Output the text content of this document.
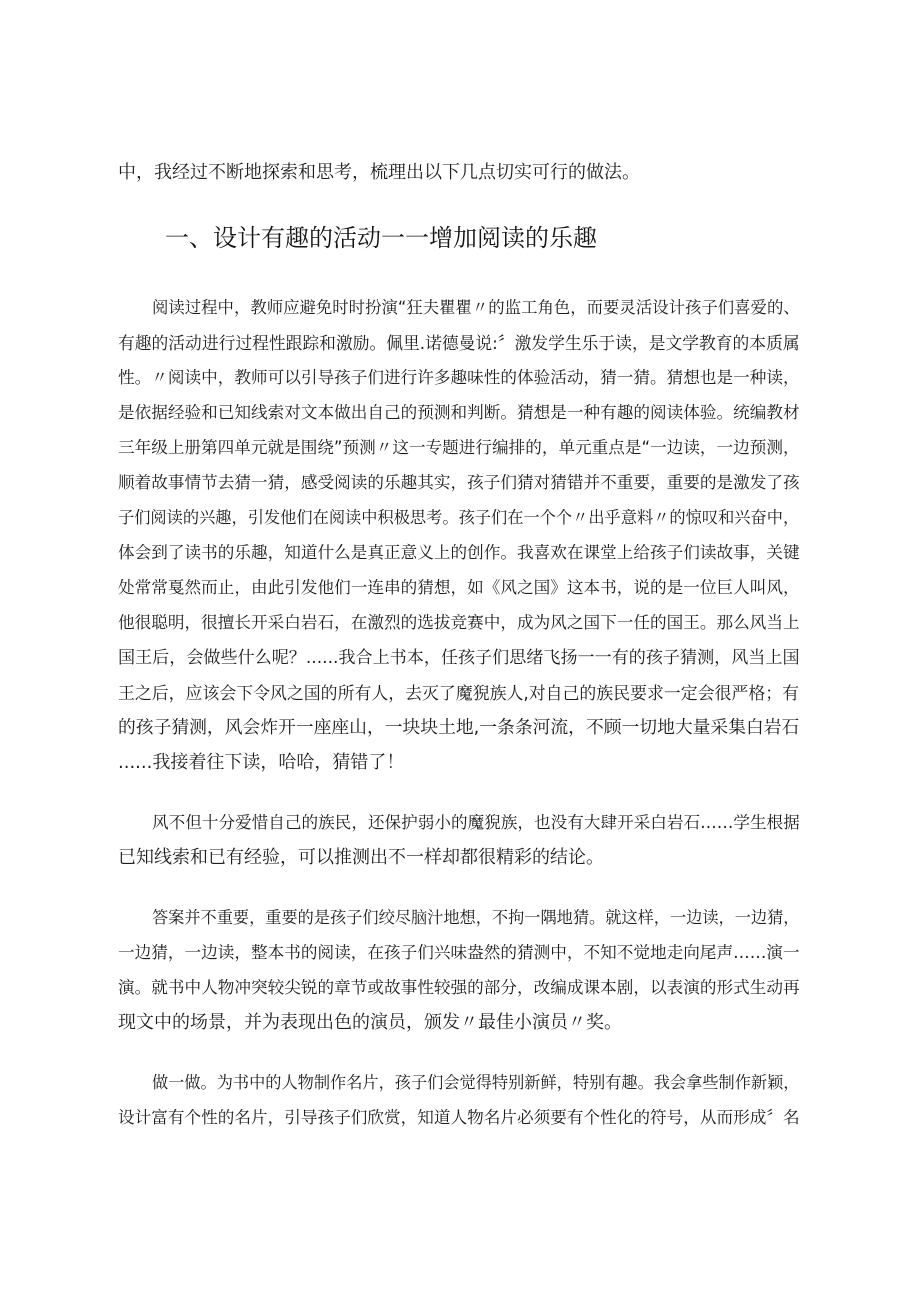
中，我经过不断地探索和思考，梳理出以下几点切实可行的做法。
一、设计有趣的活动一一增加阅读的乐趣
阅读过程中，教师应避免时时扮演“狂夫瞿瞿〃的监工角色，而要灵活设计孩子们喜爱的、
有趣的活动进行过程性跟踪和激励。佩里.诺德曼说:〞激发学生乐于读，是文学教育的本质属
性。〃阅读中，教师可以引导孩子们进行许多趣味性的体验活动，猜一猜。猜想也是一种读，
是依据经验和已知线索对文本做出自己的预测和判断。猜想是一种有趣的阅读体验。统编教材
三年级上册第四单元就是围绕”预测〃这一专题进行编排的，单元重点是“一边读，一边预测，
顺着故事情节去猜一猜，感受阅读的乐趣其实，孩子们猜对猜错并不重要，重要的是激发了孩
子们阅读的兴趣，引发他们在阅读中积极思考。孩子们在一个个〃出乎意料〃的惊叹和兴奋中，
体会到了读书的乐趣，知道什么是真正意义上的创作。我喜欢在课堂上给孩子们读故事，关键
处常常戛然而止，由此引发他们一连串的猜想，如《风之国》这本书，说的是一位巨人叫风，
他很聪明，很擅长开采白岩石，在激烈的选拔竞赛中，成为风之国下一任的国王。那么风当上
国王后，会做些什么呢？......我合上书本，任孩子们思绪飞扬一一有的孩子猜测，风当上国
王之后，应该会下令风之国的所有人，去灭了魔猊族人,对自己的族民要求一定会很严格；有
的孩子猜测，风会炸开一座座山，一块块土地,一条条河流，不顾一切地大量采集白岩石
......我接着往下读，哈哈，猜错了！
风不但十分爱惜自己的族民，还保护弱小的魔猊族，也没有大肆开采白岩石……学生根据
已知线索和已有经验，可以推测出不一样却都很精彩的结论。
答案并不重要，重要的是孩子们绞尽脑汁地想，不拘一隅地猜。就这样，一边读，一边猜，
一边猜，一边读，整本书的阅读，在孩子们兴味盎然的猜测中，不知不觉地走向尾声……演一
演。就书中人物冲突较尖锐的章节或故事性较强的部分，改编成课本剧，以表演的形式生动再
现文中的场景，并为表现出色的演员，颁发〃最佳小演员〃奖。
做一做。为书中的人物制作名片，孩子们会觉得特别新鲜，特别有趣。我会拿些制作新颖，
设计富有个性的名片，引导孩子们欣赏，知道人物名片必须要有个性化的符号，从而形成〞名
